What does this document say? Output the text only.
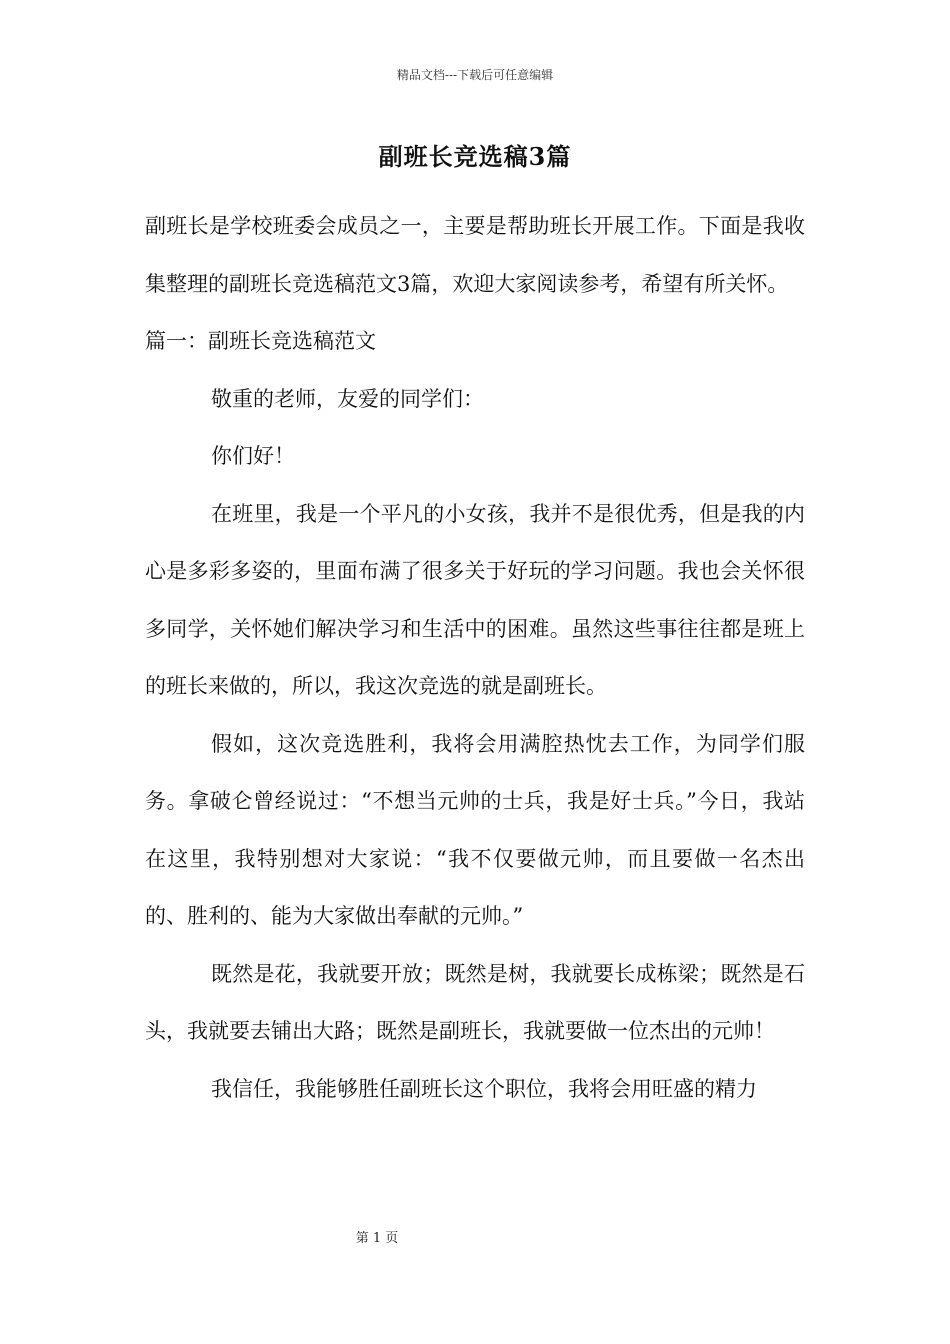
精品文档---下载后可任意编辑
副班长竞选稿3篇

副班长是学校班委会成员之一，主要是帮助班长开展工作。下面是我收集整理的副班长竞选稿范文3篇，欢迎大家阅读参考，希望有所关怀。

篇一：副班长竞选稿范文

敬重的老师，友爱的同学们：

你们好！

在班里，我是一个平凡的小女孩，我并不是很优秀，但是我的内心是多彩多姿的，里面布满了很多关于好玩的学习问题。我也会关怀很多同学，关怀她们解决学习和生活中的困难。虽然这些事往往都是班上的班长来做的，所以，我这次竞选的就是副班长。

假如，这次竞选胜利，我将会用满腔热忱去工作，为同学们服务。拿破仑曾经说过：“不想当元帅的士兵，我是好士兵。”今日，我站在这里，我特别想对大家说：“我不仅要做元帅，而且要做一名杰出的、胜利的、能为大家做出奉献的元帅。”

既然是花，我就要开放；既然是树，我就要长成栋梁；既然是石头，我就要去铺出大路；既然是副班长，我就要做一位杰出的元帅！

我信任，我能够胜任副班长这个职位，我将会用旺盛的精力

第 1 页
